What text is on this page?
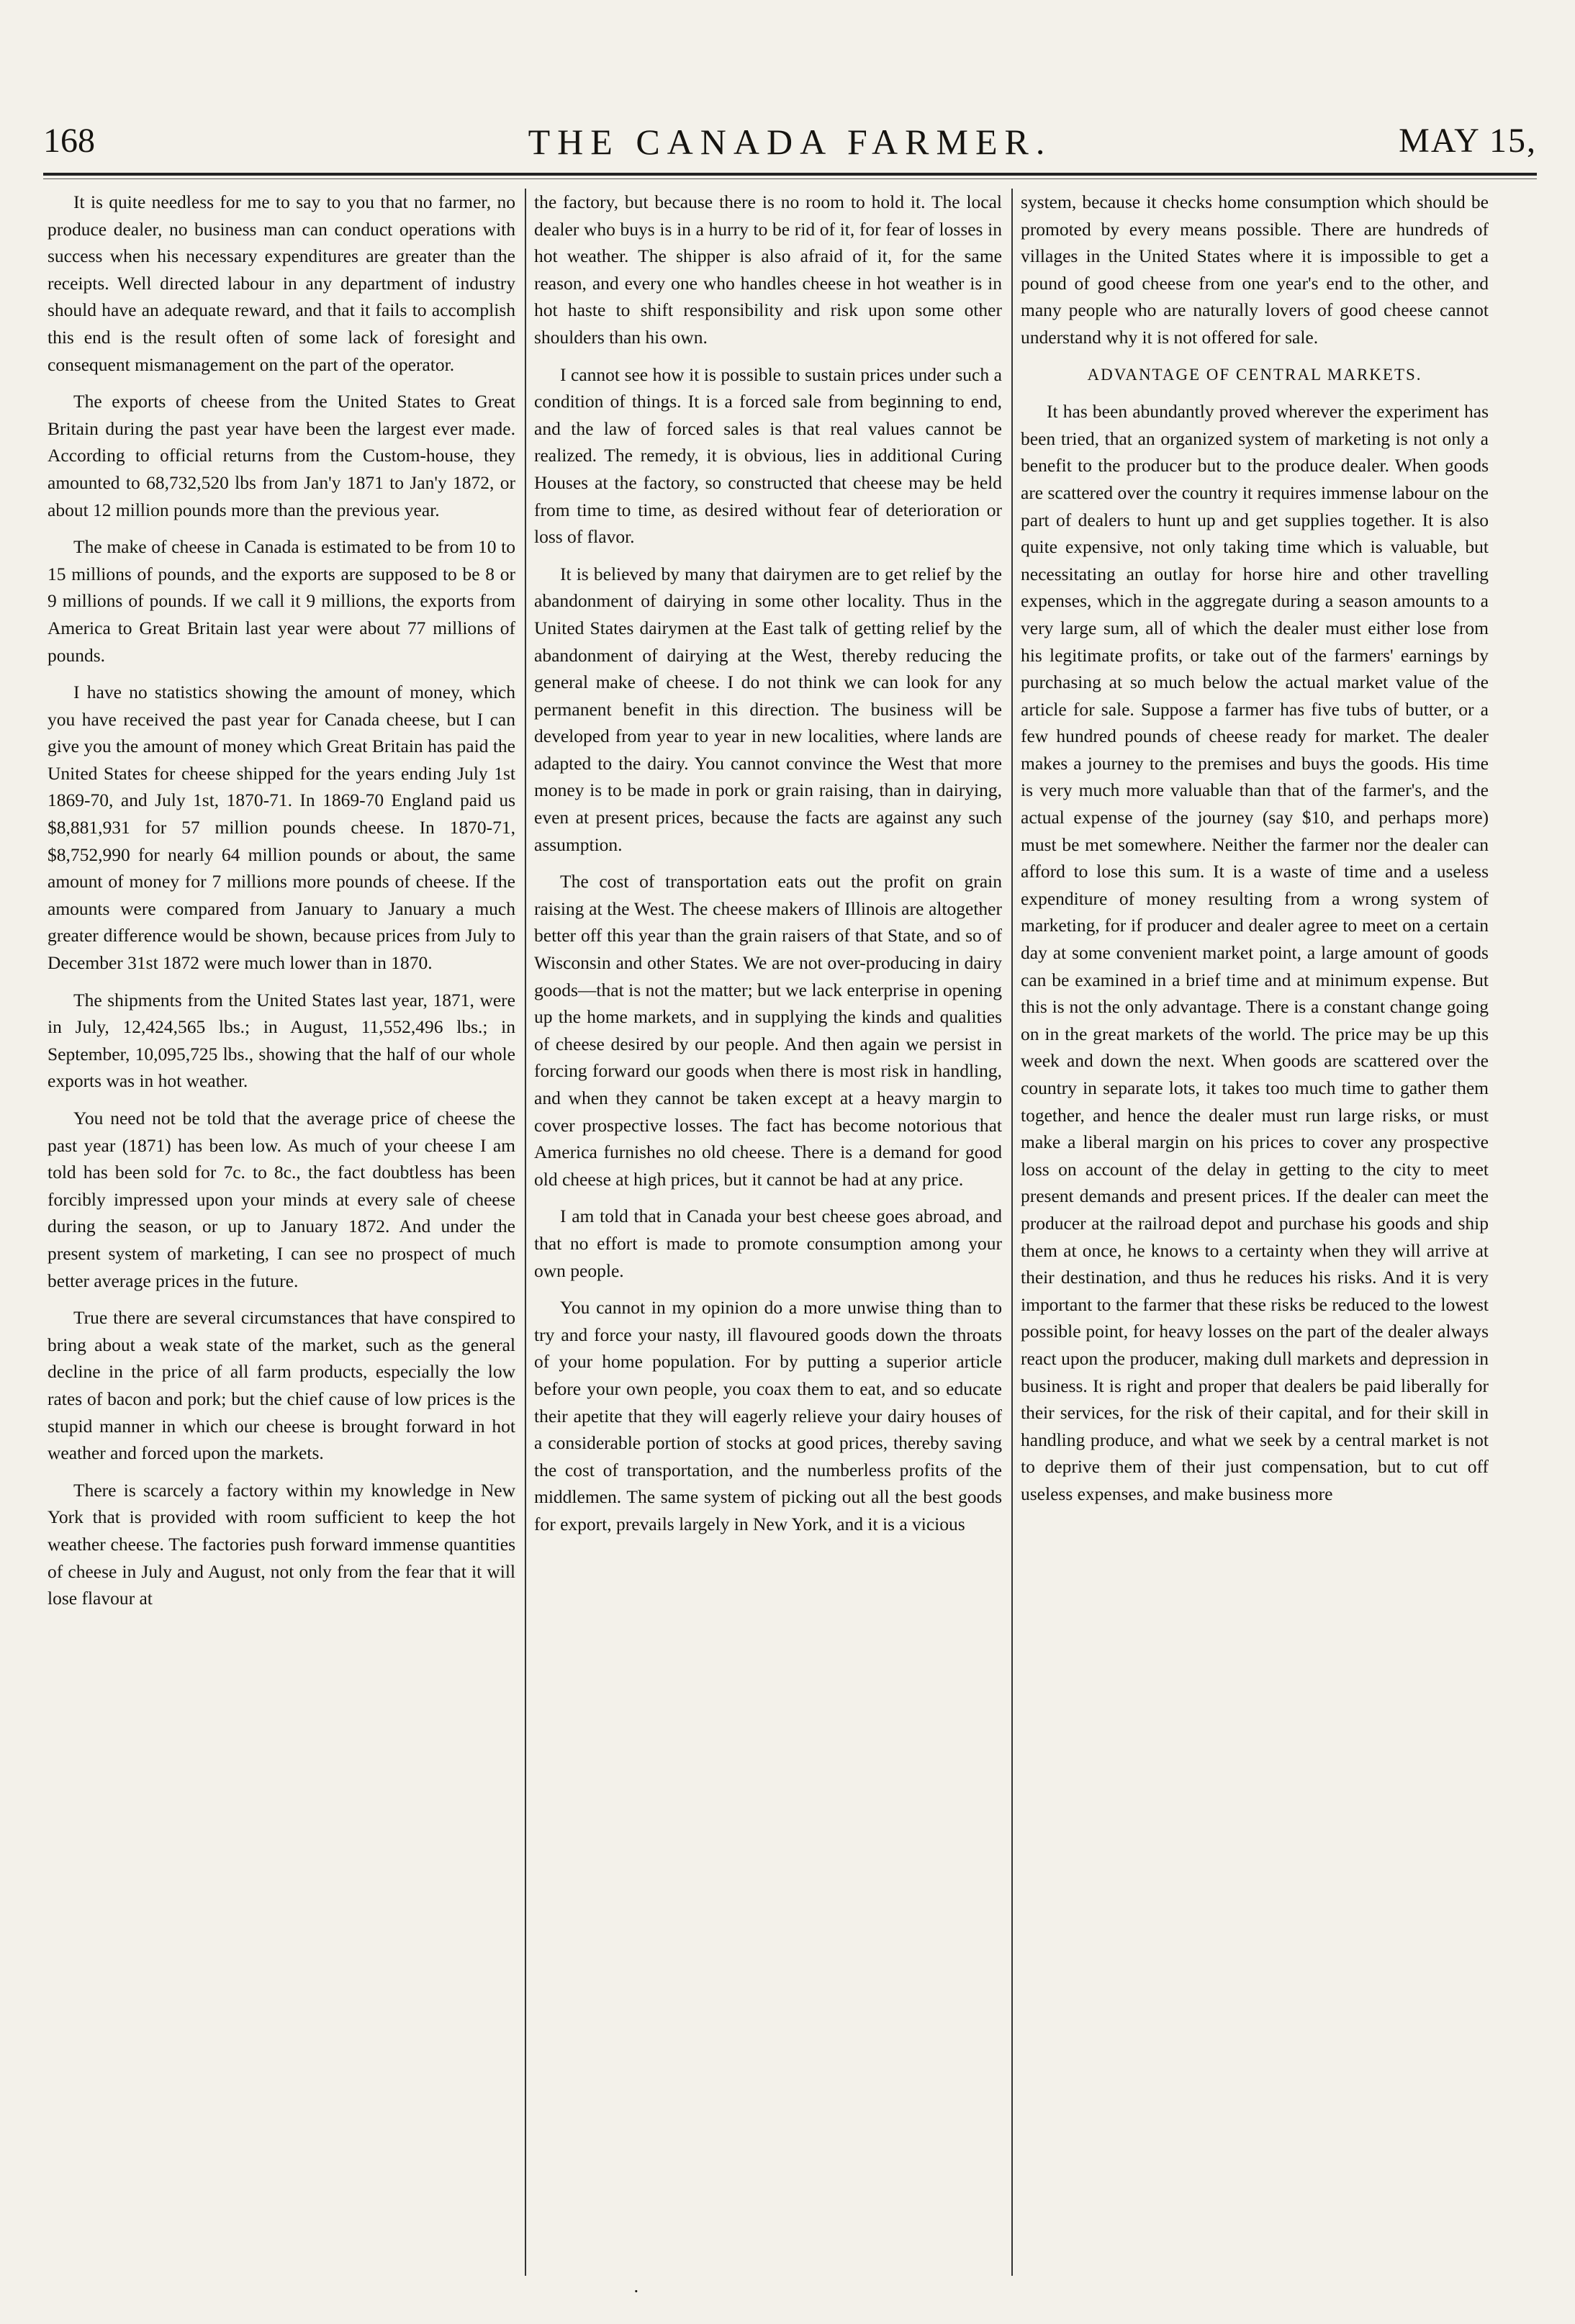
168	THE CANADA FARMER.	MAY 15,

It is quite needless for me to say to you that no farmer, no produce dealer, no business man can conduct operations with success when his necessary expenditures are greater than the receipts. Well directed labour in any department of industry should have an adequate reward, and that it fails to accomplish this end is the result often of some lack of foresight and consequent mismanagement on the part of the operator.

The exports of cheese from the United States to Great Britain during the past year have been the largest ever made. According to official returns from the Custom-house, they amounted to 68,732,520 lbs from Jan'y 1871 to Jan'y 1872, or about 12 million pounds more than the previous year.

The make of cheese in Canada is estimated to be from 10 to 15 millions of pounds, and the exports are supposed to be 8 or 9 millions of pounds. If we call it 9 millions, the exports from America to Great Britain last year were about 77 millions of pounds.

I have no statistics showing the amount of money, which you have received the past year for Canada cheese, but I can give you the amount of money which Great Britain has paid the United States for cheese shipped for the years ending July 1st 1869-70, and July 1st, 1870-71. In 1869-70 England paid us $8,881,931 for 57 million pounds cheese. In 1870-71, $8,752,990 for nearly 64 million pounds or about, the same amount of money for 7 millions more pounds of cheese. If the amounts were compared from January to January a much greater difference would be shown, because prices from July to December 31st 1872 were much lower than in 1870.

The shipments from the United States last year, 1871, were in July, 12,424,565 lbs.; in August, 11,552,496 lbs.; in September, 10,095,725 lbs., showing that the half of our whole exports was in hot weather.

You need not be told that the average price of cheese the past year (1871) has been low. As much of your cheese I am told has been sold for 7c. to 8c., the fact doubtless has been forcibly impressed upon your minds at every sale of cheese during the season, or up to January 1872. And under the present system of marketing, I can see no prospect of much better average prices in the future.

True there are several circumstances that have conspired to bring about a weak state of the market, such as the general decline in the price of all farm products, especially the low rates of bacon and pork; but the chief cause of low prices is the stupid manner in which our cheese is brought forward in hot weather and forced upon the markets.

There is scarcely a factory within my knowledge in New York that is provided with room sufficient to keep the hot weather cheese. The factories push forward immense quantities of cheese in July and August, not only from the fear that it will lose flavour at

the factory, but because there is no room to hold it. The local dealer who buys is in a hurry to be rid of it, for fear of losses in hot weather. The shipper is also afraid of it, for the same reason, and every one who handles cheese in hot weather is in hot haste to shift responsibility and risk upon some other shoulders than his own.

I cannot see how it is possible to sustain prices under such a condition of things. It is a forced sale from beginning to end, and the law of forced sales is that real values cannot be realized. The remedy, it is obvious, lies in additional Curing Houses at the factory, so constructed that cheese may be held from time to time, as desired without fear of deterioration or loss of flavor.

It is believed by many that dairymen are to get relief by the abandonment of dairying in some other locality. Thus in the United States dairymen at the East talk of getting relief by the abandonment of dairying at the West, thereby reducing the general make of cheese. I do not think we can look for any permanent benefit in this direction. The business will be developed from year to year in new localities, where lands are adapted to the dairy. You cannot convince the West that more money is to be made in pork or grain raising, than in dairying, even at present prices, because the facts are against any such assumption.

The cost of transportation eats out the profit on grain raising at the West. The cheese makers of Illinois are altogether better off this year than the grain raisers of that State, and so of Wisconsin and other States. We are not over-producing in dairy goods—that is not the matter; but we lack enterprise in opening up the home markets, and in supplying the kinds and qualities of cheese desired by our people. And then again we persist in forcing forward our goods when there is most risk in handling, and when they cannot be taken except at a heavy margin to cover prospective losses. The fact has become notorious that America furnishes no old cheese. There is a demand for good old cheese at high prices, but it cannot be had at any price.

I am told that in Canada your best cheese goes abroad, and that no effort is made to promote consumption among your own people.

You cannot in my opinion do a more unwise thing than to try and force your nasty, ill flavoured goods down the throats of your home population. For by putting a superior article before your own people, you coax them to eat, and so educate their apetite that they will eagerly relieve your dairy houses of a considerable portion of stocks at good prices, thereby saving the cost of transportation, and the numberless profits of the middlemen. The same system of picking out all the best goods for export, prevails largely in New York, and it is a vicious

system, because it checks home consumption which should be promoted by every means possible. There are hundreds of villages in the United States where it is impossible to get a pound of good cheese from one year's end to the other, and many people who are naturally lovers of good cheese cannot understand why it is not offered for sale.

ADVANTAGE OF CENTRAL MARKETS.

It has been abundantly proved wherever the experiment has been tried, that an organized system of marketing is not only a benefit to the producer but to the produce dealer. When goods are scattered over the country it requires immense labour on the part of dealers to hunt up and get supplies together. It is also quite expensive, not only taking time which is valuable, but necessitating an outlay for horse hire and other travelling expenses, which in the aggregate during a season amounts to a very large sum, all of which the dealer must either lose from his legitimate profits, or take out of the farmers' earnings by purchasing at so much below the actual market value of the article for sale. Suppose a farmer has five tubs of butter, or a few hundred pounds of cheese ready for market. The dealer makes a journey to the premises and buys the goods. His time is very much more valuable than that of the farmer's, and the actual expense of the journey (say $10, and perhaps more) must be met somewhere. Neither the farmer nor the dealer can afford to lose this sum. It is a waste of time and a useless expenditure of money resulting from a wrong system of marketing, for if producer and dealer agree to meet on a certain day at some convenient market point, a large amount of goods can be examined in a brief time and at minimum expense. But this is not the only advantage. There is a constant change going on in the great markets of the world. The price may be up this week and down the next. When goods are scattered over the country in separate lots, it takes too much time to gather them together, and hence the dealer must run large risks, or must make a liberal margin on his prices to cover any prospective loss on account of the delay in getting to the city to meet present demands and present prices. If the dealer can meet the producer at the railroad depot and purchase his goods and ship them at once, he knows to a certainty when they will arrive at their destination, and thus he reduces his risks. And it is very important to the farmer that these risks be reduced to the lowest possible point, for heavy losses on the part of the dealer always react upon the producer, making dull markets and depression in business. It is right and proper that dealers be paid liberally for their services, for the risk of their capital, and for their skill in handling produce, and what we seek by a central market is not to deprive them of their just compensation, but to cut off useless expenses, and make business more

·
